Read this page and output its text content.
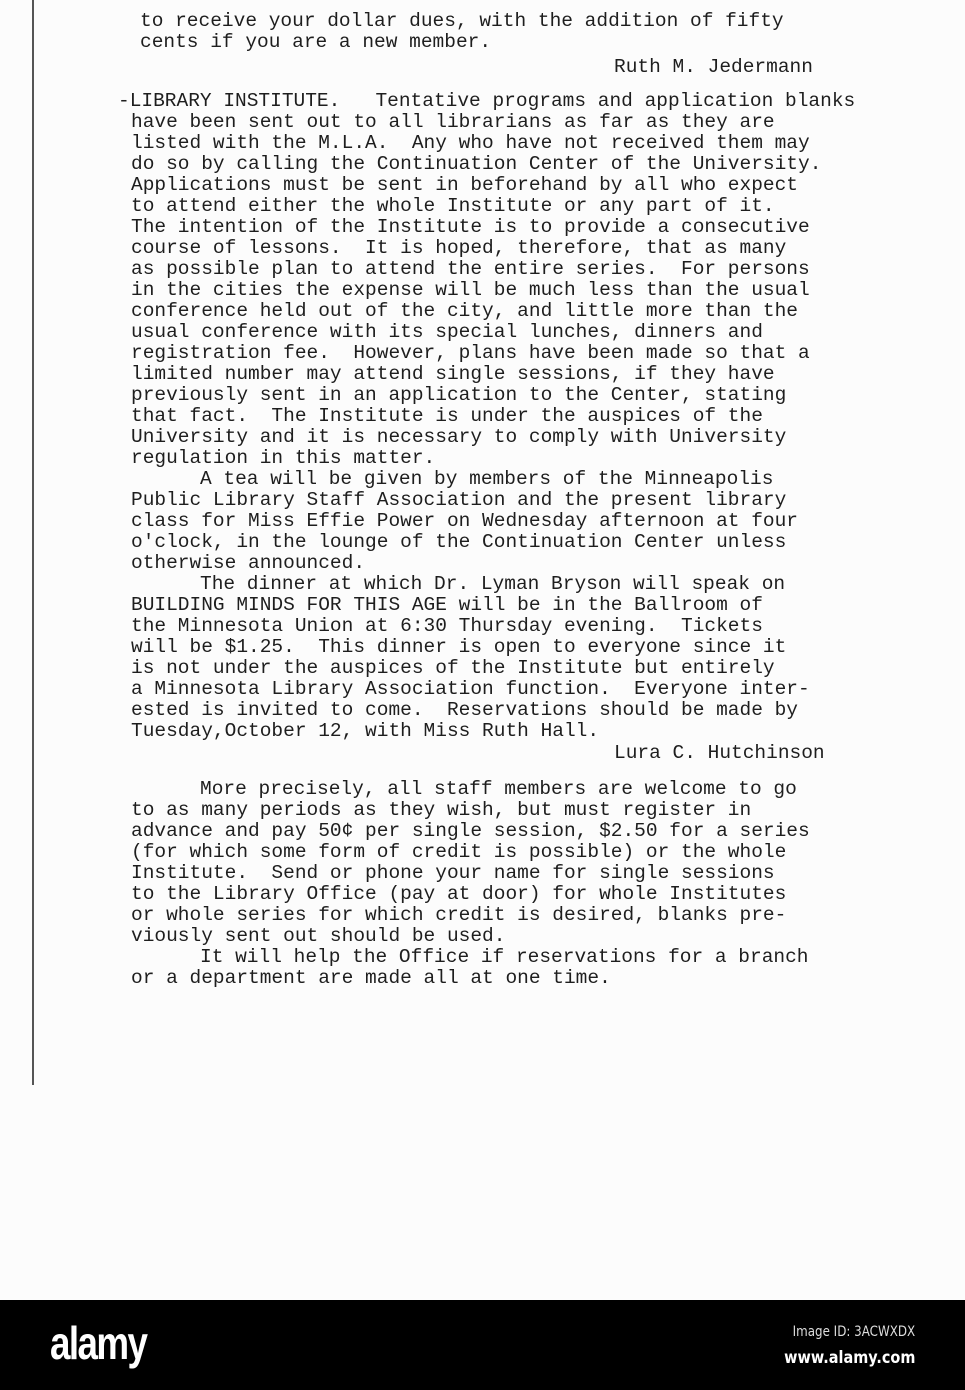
to receive your dollar dues, with the addition of fifty
cents if you are a new member.
Ruth M. Jedermann
-LIBRARY INSTITUTE.   Tentative programs and application blanks
have been sent out to all librarians as far as they are
listed with the M.L.A.  Any who have not received them may
do so by calling the Continuation Center of the University.
Applications must be sent in beforehand by all who expect
to attend either the whole Institute or any part of it.
The intention of the Institute is to provide a consecutive
course of lessons.  It is hoped, therefore, that as many
as possible plan to attend the entire series.  For persons
in the cities the expense will be much less than the usual
conference held out of the city, and little more than the
usual conference with its special lunches, dinners and
registration fee.  However, plans have been made so that a
limited number may attend single sessions, if they have
previously sent in an application to the Center, stating
that fact.  The Institute is under the auspices of the
University and it is necessary to comply with University
regulation in this matter.
A tea will be given by members of the Minneapolis
Public Library Staff Association and the present library
class for Miss Effie Power on Wednesday afternoon at four
o'clock, in the lounge of the Continuation Center unless
otherwise announced.
The dinner at which Dr. Lyman Bryson will speak on
BUILDING MINDS FOR THIS AGE will be in the Ballroom of
the Minnesota Union at 6:30 Thursday evening.  Tickets
will be $1.25.  This dinner is open to everyone since it
is not under the auspices of the Institute but entirely
a Minnesota Library Association function.  Everyone inter-
ested is invited to come.  Reservations should be made by
Tuesday,October 12, with Miss Ruth Hall.
Lura C. Hutchinson
More precisely, all staff members are welcome to go
to as many periods as they wish, but must register in
advance and pay 50¢ per single session, $2.50 for a series
(for which some form of credit is possible) or the whole
Institute.  Send or phone your name for single sessions
to the Library Office (pay at door) for whole Institutes
or whole series for which credit is desired, blanks pre-
viously sent out should be used.
It will help the Office if reservations for a branch
or a department are made all at one time.
alamy	Image ID: 3ACWXDX
www.alamy.com
